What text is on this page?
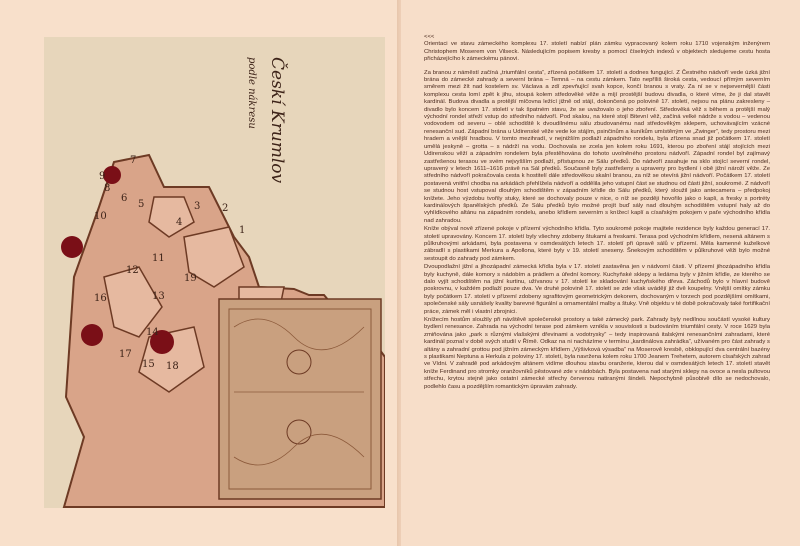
Českí Krumlov
podle nákresu
1
2
3
4
5
6
7
8
9
10
11
12
13
14
15
16
17
18
19
<<<

Orientaci ve stavu zámeckého komplexu 17. století nabízí plán zámku vypracovaný kolem roku 1710 vojenským inženýrem Christophem Moserem von Vilseck. Následujícím popisem kresby s pomocí číselných indexů v objektech sledujeme cestu hosta přicházejícího k zámeckému pánovi.

Za branou z náměstí začíná „triumfální cesta“, zřízená počátkem 17. století a dodnes fungující. Z Čestného nádvoří vede úzká jižní brána do zámecké zahrady a severní brána – Temná – na cestu zámkem. Tato nepříliš široká cesta, vedoucí přímým severním směrem mezi žít nad kostelem sv. Václava a zdí zpevňující svah kopce, končí branou s vraty. Za ní se v nejsevernější části komplexu cesta lomí zpět k jihu, stoupá kolem středověké věže a míjí prostější budovu divadla, o které víme, že ji dal stavět kardinál. Budova divadla a protější míčovna ležící jižně od stájí, dokončená po polovině 17. století, nejsou na plánu zakresleny – divadlo bylo koncem 17. století v tak špatném stavu, že se uvažovalo o jeho zboření. Středověká věž s během a protější malý východní rondel střeží vstup do středního nádvoří. Pod skalou, na které stojí Bitevní věž, začíná velké nádrže s vodou – vedenou vodovodem od severu – oblé schodiště k dvoudílnému sálu zbudovanému nad středověkým sklepem, uchovávajícím vzácné renesanční sud. Západní brána u Udirenské věže vede ke stájím, psinčinům a kuníkům umístěným ve „Zwinger“, tedy prostoru mezi hradem a vnější hradbou. V tomto mezihradí, v nejnižším podlaží západního rondelu, byla zřízena snad již počátkem 17. století umělá jeskyně – grotta – s nádrží na vodu. Dochovala se zcela jen kolem roku 1691, kterou po zboření stájí stojících mezi Udirenskou věží a západním rondelem byla přestěhována do tohoto uvolněného prostoru nádvoří. Západní rondel byl zajímavý zastřešenou terasou ve svém nejvyšším podlaží, přístupnou ze Sálu předků. Do nádvoří zasahuje na sklo stojící severní rondel, upravený v letech 1611–1616 právě na Sál předků. Současně byly zastřešeny a upraveny pro bydlení i obě jižní nároží věže. Ze středního nádvoří pokračovala cesta k hostitelí dále středověkou skalní branou, za níž se otevírá jižní nádvoří. Počátkem 17. století postavená vnitřní chodba na arkádách přehlížela nádvoří a oddělila jeho vstupní část se studnou od části jižní, soukromé. Z nádvoří se studnou host vstupoval dlouhým schodištěm v západním křídle do Sálu předků, který sloužil jako antecamera – předpokoj knížete. Jeho výzdobu tvořily stuky, které se dochovaly pouze v nice, o níž se později hovořilo jako o kapli, a fresky s portréty kardinálových španělských předků. Ze Sálu předků bylo možné projít buď sály nad dlouhým schodištěm vstupní haly až do vyhlídkového altánu na západním rondelu, anebo křídlem severním s knížecí kaplí a císařským pokojem v paťe východního křídla nad zahradou.

Kníže obýval nově zřízené pokoje v přízemí východního křídla. Tyto soukromé pokoje majitele rezidence byly každou generací 17. století upravovány. Koncem 17. století byly všechny zdobeny štukami a freskami. Terasa pod východním křídlem, nesená altánem s půlkruhovými arkádami, byla postavena v osmdesátých letech 17. století při úpravě sálů v přízemí. Měla kamenné kuželkové zábradlí s plastikami Merkura a Apollona, které byly v 19. století sneseny. Šnekovým schodištěm v půlkruhové věži bylo možné sestoupit do zahrady pod zámkem.

Dvoupodlažní jižní a jihozápadní zámecká křídla byla v 17. století zastavěna jen v nádvorní části. V přízemí jihozápadního křídla byly kuchyně, dále komory s nádobím a prádlem a úřední komory. Kuchyňské sklepy a ledárna byly v jižním křídle, ze kterého se dalo vyjít schodištěm na jižní kurtinu, užívanou v 17. století ke skladování kuchyňského dřeva. Záchodů bylo v hlavní budově poskrovnu, v každém podlaží pouze dva. Ve druhé polovině 17. století se zde však uvádějí již dvě koupelny. Vnější omítky zámku byly počátkem 17. století v přízemí zdobeny sgrafitovým geometrickým dekorem, dochovaným v torzech pod pozdějšími omítkami, společenské sály usnášely kvality barevné figurální a ornamentální malby a štuky. Vně objektu v té době pokračovaly také fortifikační práce, zámek měl i vlastní zbrojnici.

Knížecím hostům sloužily při návštěvě společenské prostory a také zámecký park. Zahrady byly nedílnou součástí vysoké kultury bydlení renesance. Zahrada na východní terase pod zámkem vznikla v souvislosti s budováním triumfální cesty. V roce 1629 byla zmiňována jako „park s různými vlašskými dřevinami a vodotrysky“ – tedy inspirovaná italskými renesančními zahradami, které kardinál poznal v době svých studií v Římě. Odkaz na ni nacházíme v termínu „kardinálova zahrádka“, užívaném pro část zahrady s altány a zahradní grottou pod jižním zámeckým křídlem „Výšivková výsadba“ na Moserově kresbě, obklopující dva centrální bazény s plastikami Neptuna a Herkula z poloviny 17. století, byla navržena kolem roku 1700 Jeanem Trehetem, autorem císařských zahrad ve Vídni. V zahradě pod arkádovým altánem vidíme dlouhou stavbu oranžerie, kterou dal v osmdesátých letech 17. století stavět kníže Ferdinand pro stromky oranžovníků pěstované zde v nádobách. Byla postavena nad starými sklepy na ovoce a nesla pultovou střechu, krytou stejně jako ostatní zámecké střechy červenou natiranými šindeli. Nepochybně působivě dílo se nedochovalo, podlehlo času a pozdějším romantickým úpravám zahrady.
